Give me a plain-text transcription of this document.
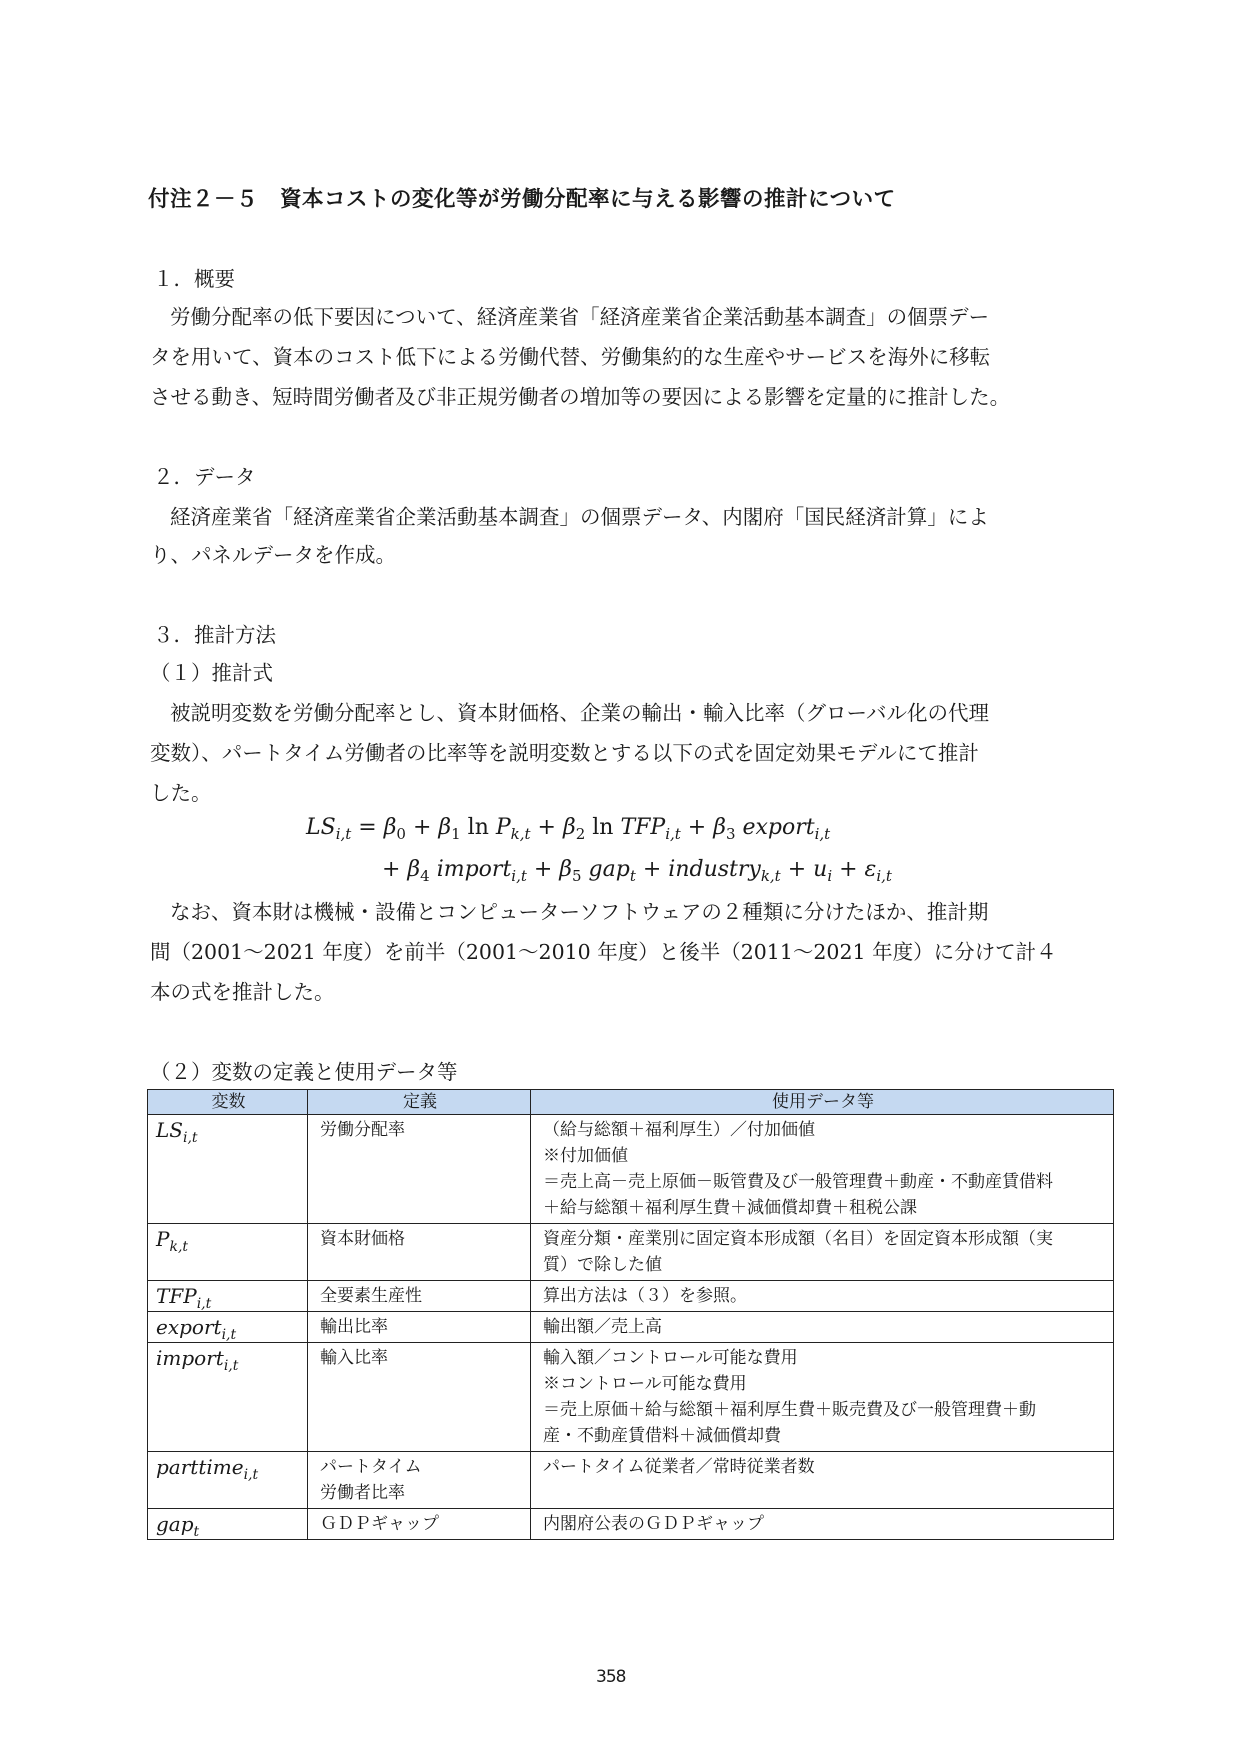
付注２－５　資本コストの変化等が労働分配率に与える影響の推計について
１．概要
労働分配率の低下要因について、経済産業省「経済産業省企業活動基本調査」の個票デー
タを用いて、資本のコスト低下による労働代替、労働集約的な生産やサービスを海外に移転
させる動き、短時間労働者及び非正規労働者の増加等の要因による影響を定量的に推計した。
２．データ
経済産業省「経済産業省企業活動基本調査」の個票データ、内閣府「国民経済計算」によ
り、パネルデータを作成。
３．推計方法
（１）推計式
被説明変数を労働分配率とし、資本財価格、企業の輸出・輸入比率（グローバル化の代理
変数）、パートタイム労働者の比率等を説明変数とする以下の式を固定効果モデルにて推計
した。
$LS_{i,t} = \beta_0 + \beta_1$ $\ln P_{k,t} + \beta_2$ $\ln TFP_{i,t} + \beta_3$ export$_{i,t}$
+ $\beta_4$ import$_{i,t}$ + $\beta_5$ gap$_t$ + industry$_{k,t}$ + $u_i + \varepsilon_{i,t}$
なお、資本財は機械・設備とコンピューターソフトウェアの２種類に分けたほか、推計期
間（2001～2021 年度）を前半（2001～2010 年度）と後半（2011～2021 年度）に分けて計４
本の式を推計した。
（２）変数の定義と使用データ等
変数	定義	使用データ等
$LS_{i,t}$	労働分配率	（給与総額＋福利厚生）／付加価値
※付加価値
＝売上高－売上原価－販管費及び一般管理費＋動産・不動産賃借料
＋給与総額＋福利厚生費＋減価償却費＋租税公課

$P_{k,t}$	資本財価格	資産分類・産業別に固定資本形成額（名目）を固定資本形成額（実
質）で除した値

$TFP_{i,t}$	全要素生産性	算出方法は（３）を参照。

export$_{i,t}$	輸出比率	輸出額／売上高

import$_{i,t}$	輸入比率	輸入額／コントロール可能な費用
※コントロール可能な費用
＝売上原価＋給与総額＋福利厚生費＋販売費及び一般管理費＋動
産・不動産賃借料＋減価償却費

parttime$_{i,t}$	パートタイム
労働者比率	パートタイム従業者／常時従業者数

gap$_t$	ＧＤＰギャップ	内閣府公表のＧＤＰギャップ
358
